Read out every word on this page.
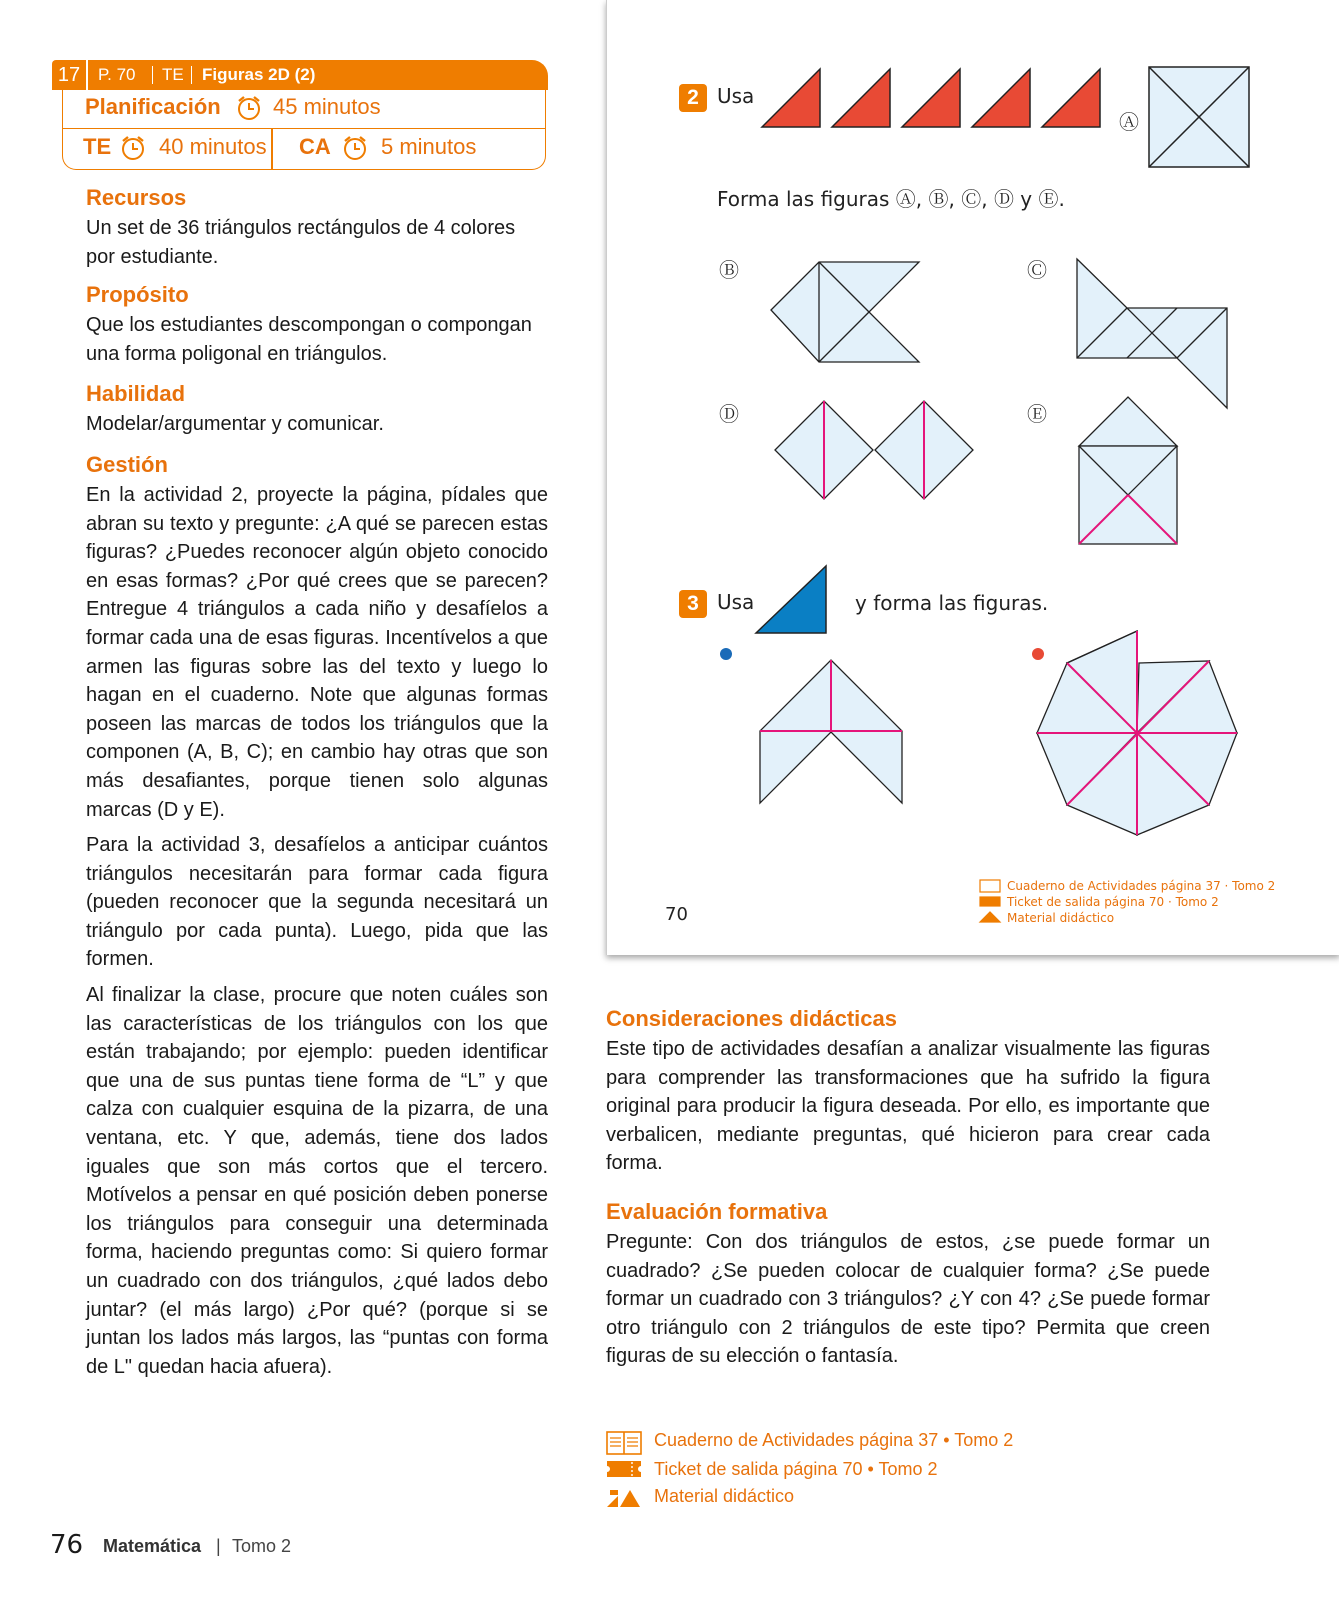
17	P. 70 TE Figuras 2D (2)
Planificación 45 minutos
TE 40 minutos CA 5 minutos
Recursos

Un set de 36 triángulos rectángulos de 4 colores por estudiante.

Propósito

Que los estudiantes descompongan o compongan una forma poligonal en triángulos.

Habilidad

Modelar/argumentar y comunicar.

Gestión

En la actividad 2, proyecte la página, pídales que abran su texto y pregunte: ¿A qué se parecen estas figuras? ¿Puedes reconocer algún objeto conocido en esas formas? ¿Por qué crees que se parecen? Entregue 4 triángulos a cada niño y desafíelos a formar cada una de esas figuras. Incentívelos a que armen las figuras sobre las del texto y luego lo hagan en el cuaderno. Note que algunas formas poseen las marcas de todos los triángulos que la componen (A, B, C); en cambio hay otras que son más desafiantes, porque tienen solo algunas marcas (D y E).

Para la actividad 3, desafíelos a anticipar cuántos triángulos necesitarán para formar cada figura (pueden reconocer que la segunda necesitará un triángulo por cada punta). Luego, pida que las formen.

Al finalizar la clase, procure que noten cuáles son las características de los triángulos con los que están trabajando; por ejemplo: pueden identificar que una de sus puntas tiene forma de “L” y que calza con cualquier esquina de la pizarra, de una ventana, etc. Y que, además, tiene dos lados iguales que son más cortos que el tercero. Motívelos a pensar en qué posición deben ponerse los triángulos para conseguir una determinada forma, haciendo preguntas como: Si quiero formar un cuadrado con dos triángulos, ¿qué lados debo juntar? (el más largo) ¿Por qué? (porque si se juntan los lados más largos, las “puntas con forma de L" quedan hacia afuera).

2 Usa
Ⓐ
Forma las figuras Ⓐ, Ⓑ, Ⓒ, Ⓓ y Ⓔ.
Ⓑ	Ⓒ
Ⓓ	Ⓔ
3 Usa	y forma las figuras.
70
Cuaderno de Actividades página 37 · Tomo 2
Ticket de salida página 70 · Tomo 2
Material didáctico
Consideraciones didácticas

Este tipo de actividades desafían a analizar visualmente las figuras para comprender las transformaciones que ha sufrido la figura original para producir la figura deseada. Por ello, es importante que verbalicen, mediante preguntas, qué hicieron para crear cada forma.

Evaluación formativa

Pregunte: Con dos triángulos de estos, ¿se puede formar un cuadrado? ¿Se pueden colocar de cualquier forma? ¿Se puede formar un cuadrado con 3 triángulos? ¿Y con 4? ¿Se puede formar otro triángulo con 2 triángulos de este tipo? Permita que creen figuras de su elección o fantasía.

Cuaderno de Actividades página 37 • Tomo 2
Ticket de salida página 70 • Tomo 2
Material didáctico
76 Matemática | Tomo 2
